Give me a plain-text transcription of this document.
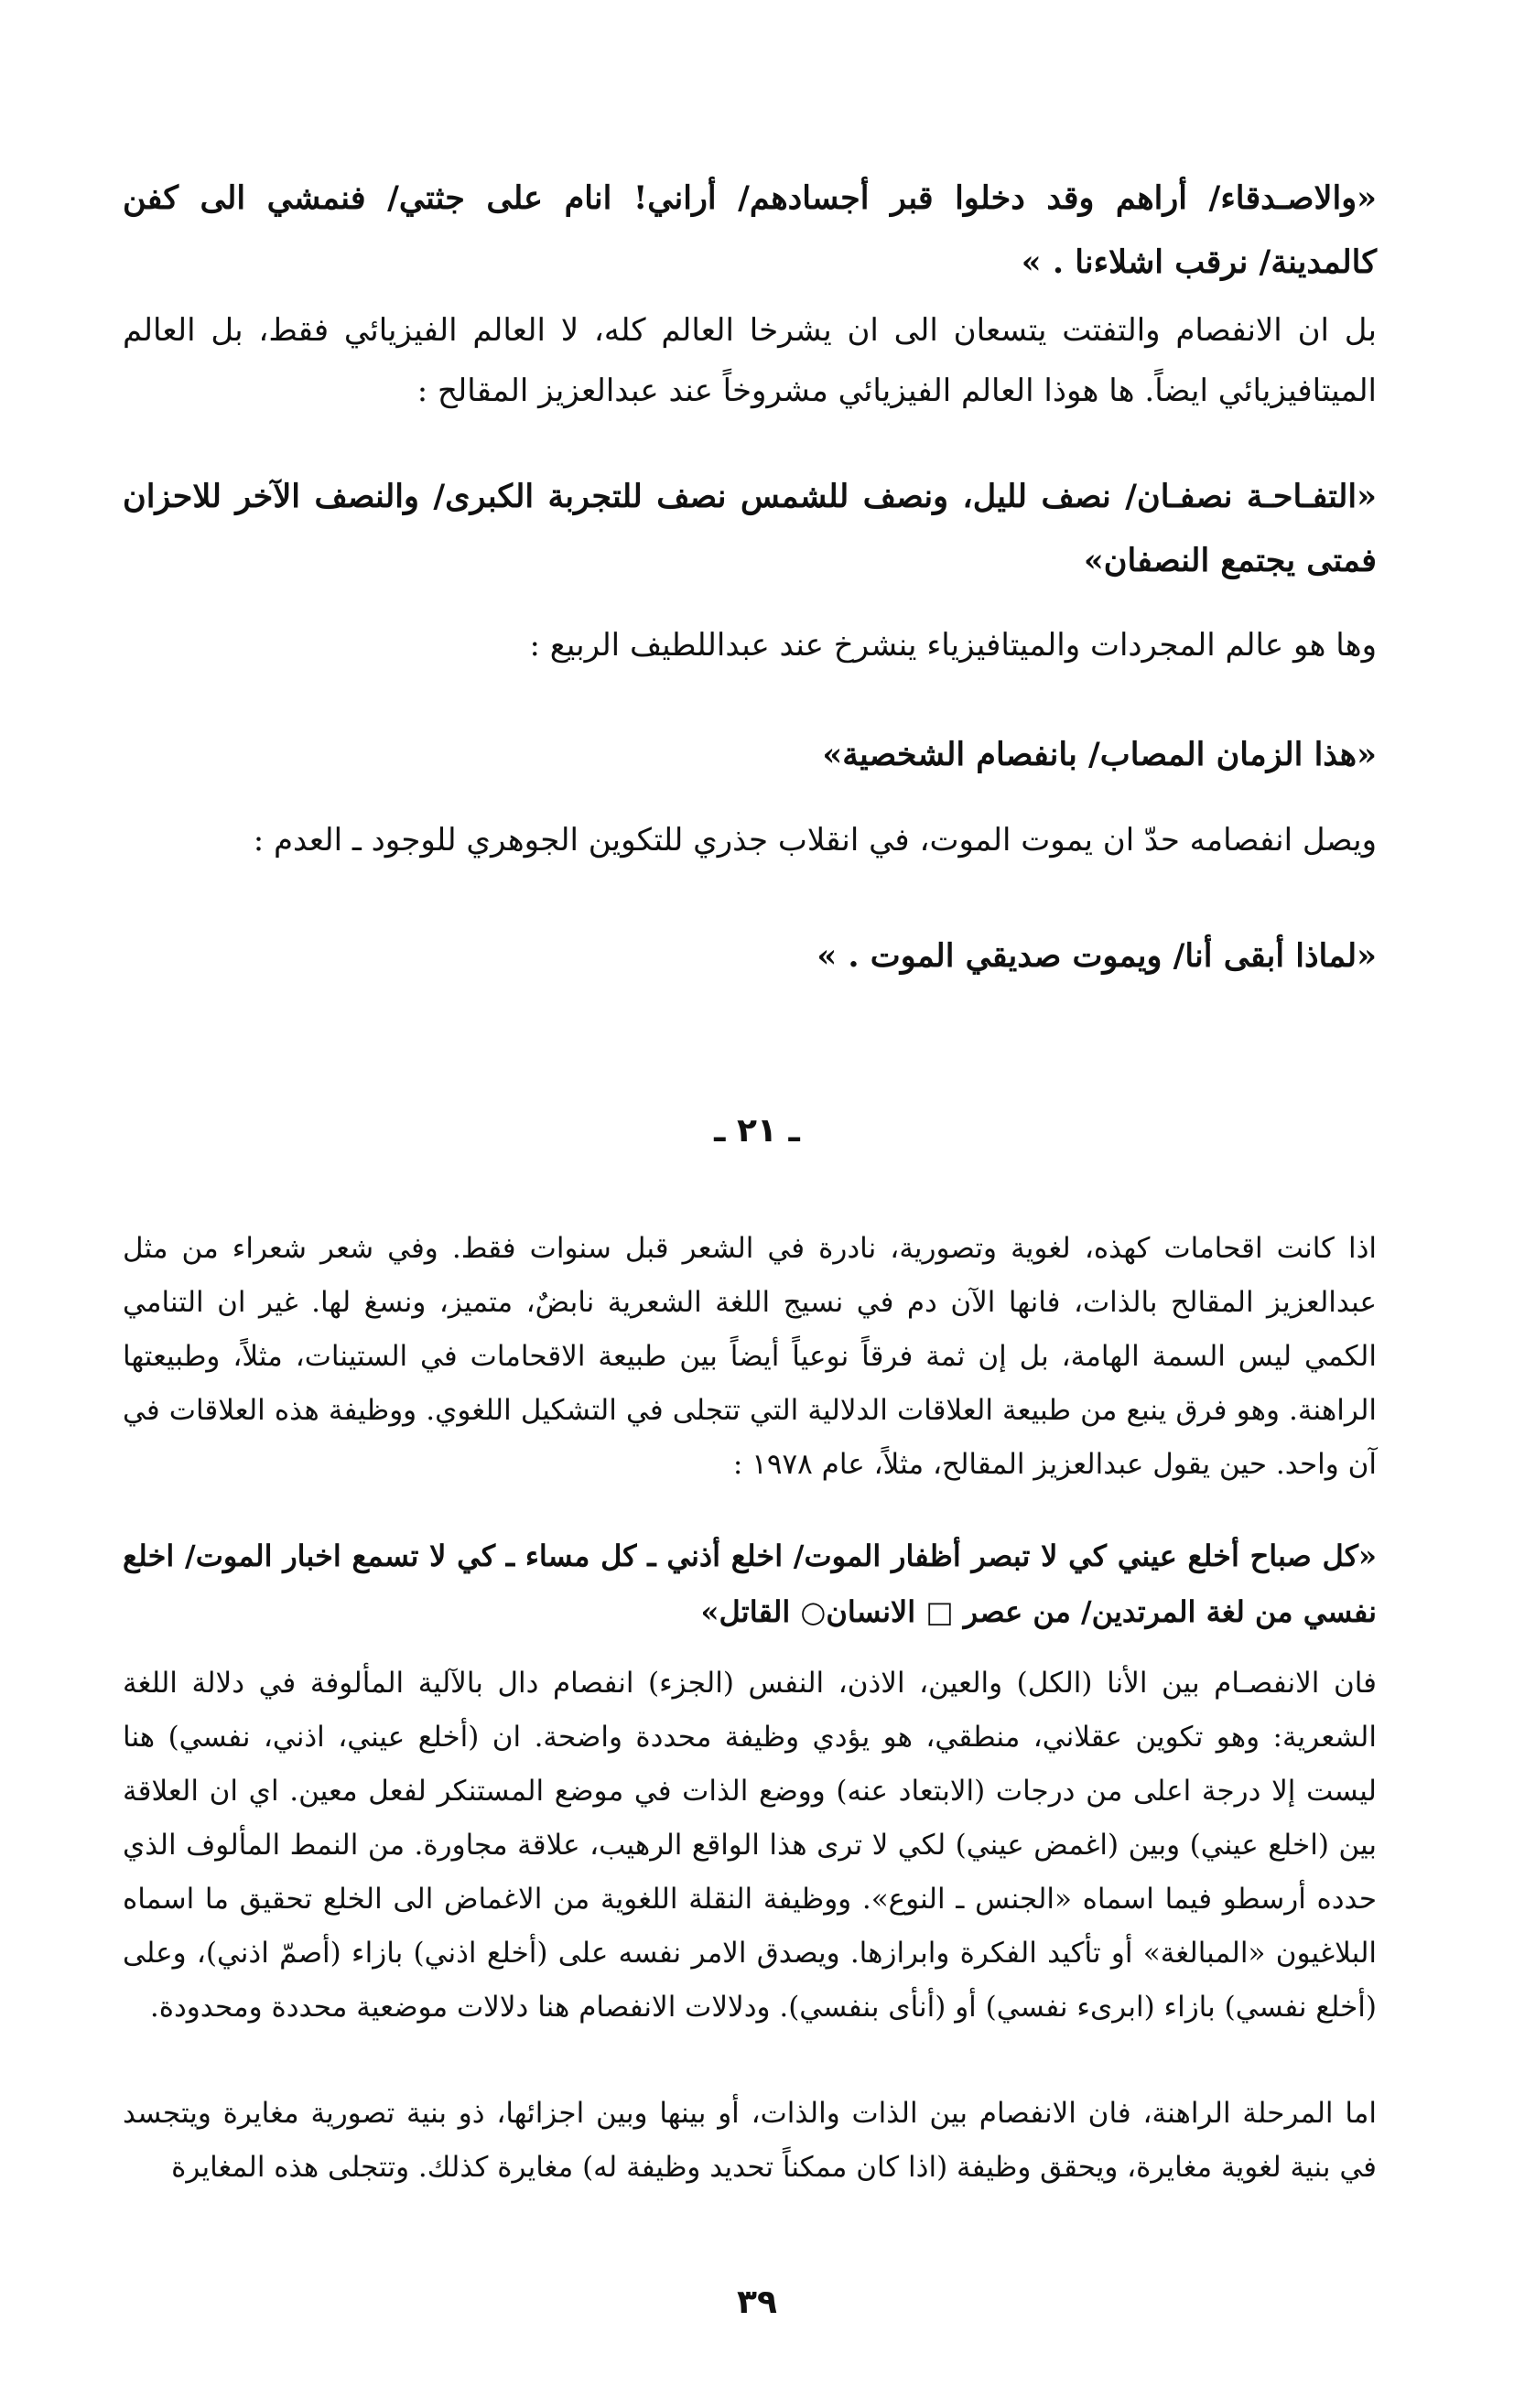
«والاصـدقاء/ أراهم وقد دخلوا قبر أجسادهم/ أراني! انام على جثتي/ فنمشي الى كفن كالمدينة/ نرقب اشلاءنا . »
بل ان الانفصام والتفتت يتسعان الى ان يشرخا العالم كله، لا العالم الفيزيائي فقط، بل العالم الميتافيزيائي ايضاً. ها هوذا العالم الفيزيائي مشروخاً عند عبدالعزيز المقالح :
«التفـاحـة نصفـان/ نصف لليل، ونصف للشمس نصف للتجربة الكبرى/ والنصف الآخر للاحزان فمتى يجتمع النصفان»
وها هو عالم المجردات والميتافيزياء ينشرخ عند عبداللطيف الربيع :
«هذا الزمان المصاب/ بانفصام الشخصية»
ويصل انفصامه حدّ ان يموت الموت، في انقلاب جذري للتكوين الجوهري للوجود ـ العدم :
«لماذا أبقى أنا/ ويموت صديقي الموت . »
ـ ٢١ ـ
اذا كانت اقحامات كهذه، لغوية وتصورية، نادرة في الشعر قبل سنوات فقط. وفي شعر شعراء من مثل عبدالعزيز المقالح بالذات، فانها الآن دم في نسيج اللغة الشعرية نابضٌ، متميز، ونسغ لها. غير ان التنامي الكمي ليس السمة الهامة، بل إن ثمة فرقاً نوعياً أيضاً بين طبيعة الاقحامات في الستينات، مثلاً، وطبيعتها الراهنة. وهو فرق ينبع من طبيعة العلاقات الدلالية التي تتجلى في التشكيل اللغوي. ووظيفة هذه العلاقات في آن واحد. حين يقول عبدالعزيز المقالح، مثلاً، عام ١٩٧٨ :
«كل صباح أخلع عيني كي لا تبصر أظفار الموت/ اخلع أذني ـ كل مساء ـ كي لا تسمع اخبار الموت/ اخلع نفسي من لغة المرتدين/ من عصر □ الانسان○ القاتل»
فان الانفصـام بين الأنا (الكل) والعين، الاذن، النفس (الجزء) انفصام دال بالآلية المألوفة في دلالة اللغة الشعرية: وهو تكوين عقلاني، منطقي، هو يؤدي وظيفة محددة واضحة. ان (أخلع عيني، اذني، نفسي) هنا ليست إلا درجة اعلى من درجات (الابتعاد عنه) ووضع الذات في موضع المستنكر لفعل معين. اي ان العلاقة بين (اخلع عيني) وبين (اغمض عيني) لكي لا ترى هذا الواقع الرهيب، علاقة مجاورة. من النمط المألوف الذي حدده أرسطو فيما اسماه «الجنس ـ النوع». ووظيفة النقلة اللغوية من الاغماض الى الخلع تحقيق ما اسماه البلاغيون «المبالغة» أو تأكيد الفكرة وابرازها. ويصدق الامر نفسه على (أخلع اذني) بازاء (أصمّ اذني)، وعلى (أخلع نفسي) بازاء (ابرىء نفسي) أو (أنأى بنفسي). ودلالات الانفصام هنا دلالات موضعية محددة ومحدودة.
اما المرحلة الراهنة، فان الانفصام بين الذات والذات، أو بينها وبين اجزائها، ذو بنية تصورية مغايرة ويتجسد في بنية لغوية مغايرة، ويحقق وظيفة (اذا كان ممكناً تحديد وظيفة له) مغايرة كذلك. وتتجلى هذه المغايرة
٣٩
